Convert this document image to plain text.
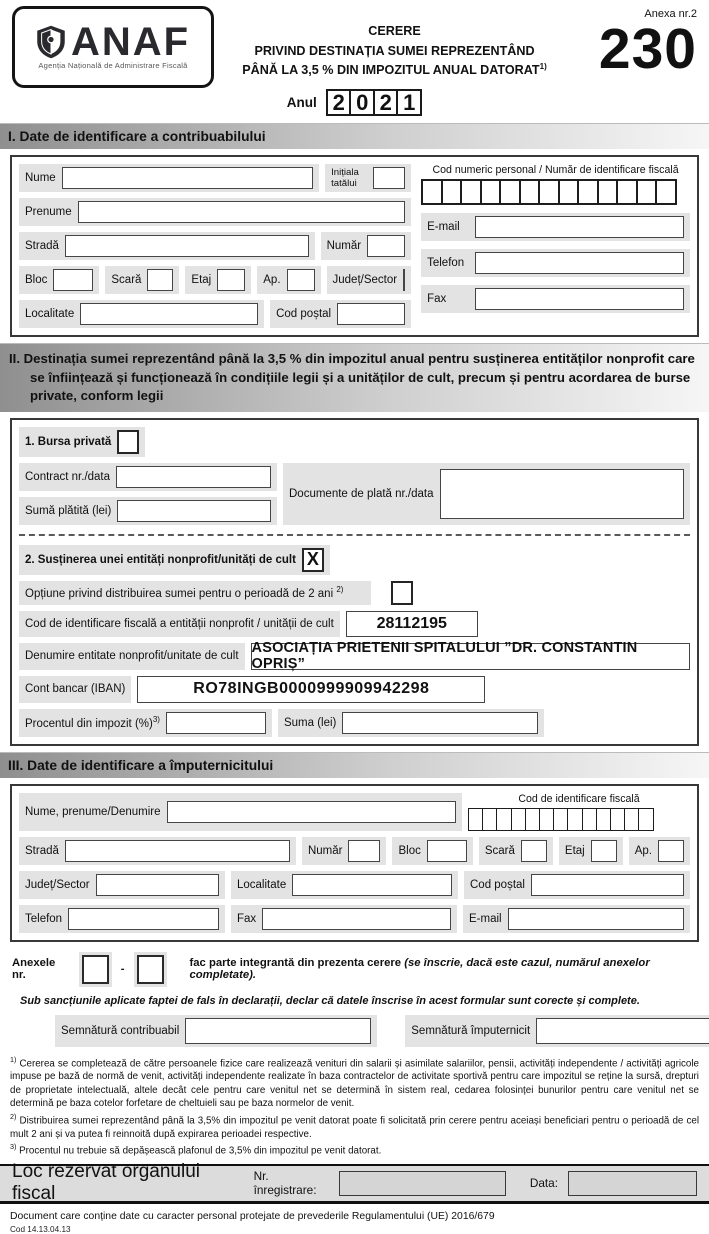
ANAF
Agenția Națională de Administrare Fiscală
CERERE
PRIVIND DESTINAȚIA SUMEI REPREZENTÂND
PÂNĂ LA 3,5 % DIN IMPOZITUL ANUAL DATORAT$^{1)}$
Anexa nr.2
230
Anul 2 0 2 1
I. Date de identificare a contribuabilului
Nume	Inițiala
tatălui
Prenume
Stradă	Număr
Bloc	Scară	Etaj	Ap.	Județ/Sector
Localitate	Cod poștal
Cod numeric personal / Număr de identificare fiscală
E-mail
Telefon
Fax
II. Destinația sumei reprezentând până la 3,5 % din impozitul anual pentru susținerea entităților nonprofit care se înființează și funcționează în condițiile legii și a unităților de cult, precum și pentru acordarea de burse private, conform legii
1. Bursa privată
Contract nr./data
Sumă plătită (lei)
Documente de plată nr./data
2. Susținerea unei entități nonprofit/unități de cult X
Opțiune privind distribuirea sumei pentru o perioadă de 2 ani $^{2)}$
Cod de identificare fiscală a entității nonprofit / unității de cult	28112195
Denumire entitate nonprofit/unitate de cult ASOCIAȚIA PRIETENII SPITALULUI ”DR. CONSTANTIN OPRIȘ”
Cont bancar (IBAN)	RO78INGB0000999909942298
Procentul din impozit (%)$^{3)}$	Suma (lei)
III. Date de identificare a împuternicitului
Nume, prenume/Denumire
Cod de identificare fiscală
Stradă	Număr	Bloc	Scară	Etaj	Ap.
Județ/Sector	Localitate	Cod poștal
Telefon	Fax	E-mail
Anexele nr.	-	fac parte integrantă din prezenta cerere (se înscrie, dacă este cazul, numărul anexelor completate).
Sub sancțiunile aplicate faptei de fals în declarații, declar că datele înscrise în acest formular sunt corecte și complete.
Semnătură contribuabil	Semnătură împuternicit
$^{1)}$ Cererea se completează de către persoanele fizice care realizează venituri din salarii și asimilate salariilor, pensii, activități independente / activități agricole impuse pe bază de normă de venit, activități independente realizate în baza contractelor de activitate sportivă pentru care impozitul se reține la sursă, drepturi de proprietate intelectuală, altele decât cele pentru care venitul net se determină în sistem real, cedarea folosinței bunurilor pentru care venitul net se determină pe baza cotelor forfetare de cheltuieli sau pe baza normelor de venit.
$^{2)}$ Distribuirea sumei reprezentând până la 3,5% din impozitul pe venit datorat poate fi solicitată prin cerere pentru aceiași beneficiari pentru o perioadă de cel mult 2 ani și va putea fi reinnoită după expirarea perioadei respective.
$^{3)}$ Procentul nu trebuie să depășească plafonul de 3,5% din impozitul pe venit datorat.
Loc rezervat organului fiscal
Nr. înregistrare:	Data:
Document care conține date cu caracter personal protejate de prevederile Regulamentului (UE) 2016/679
Cod 14.13.04.13
